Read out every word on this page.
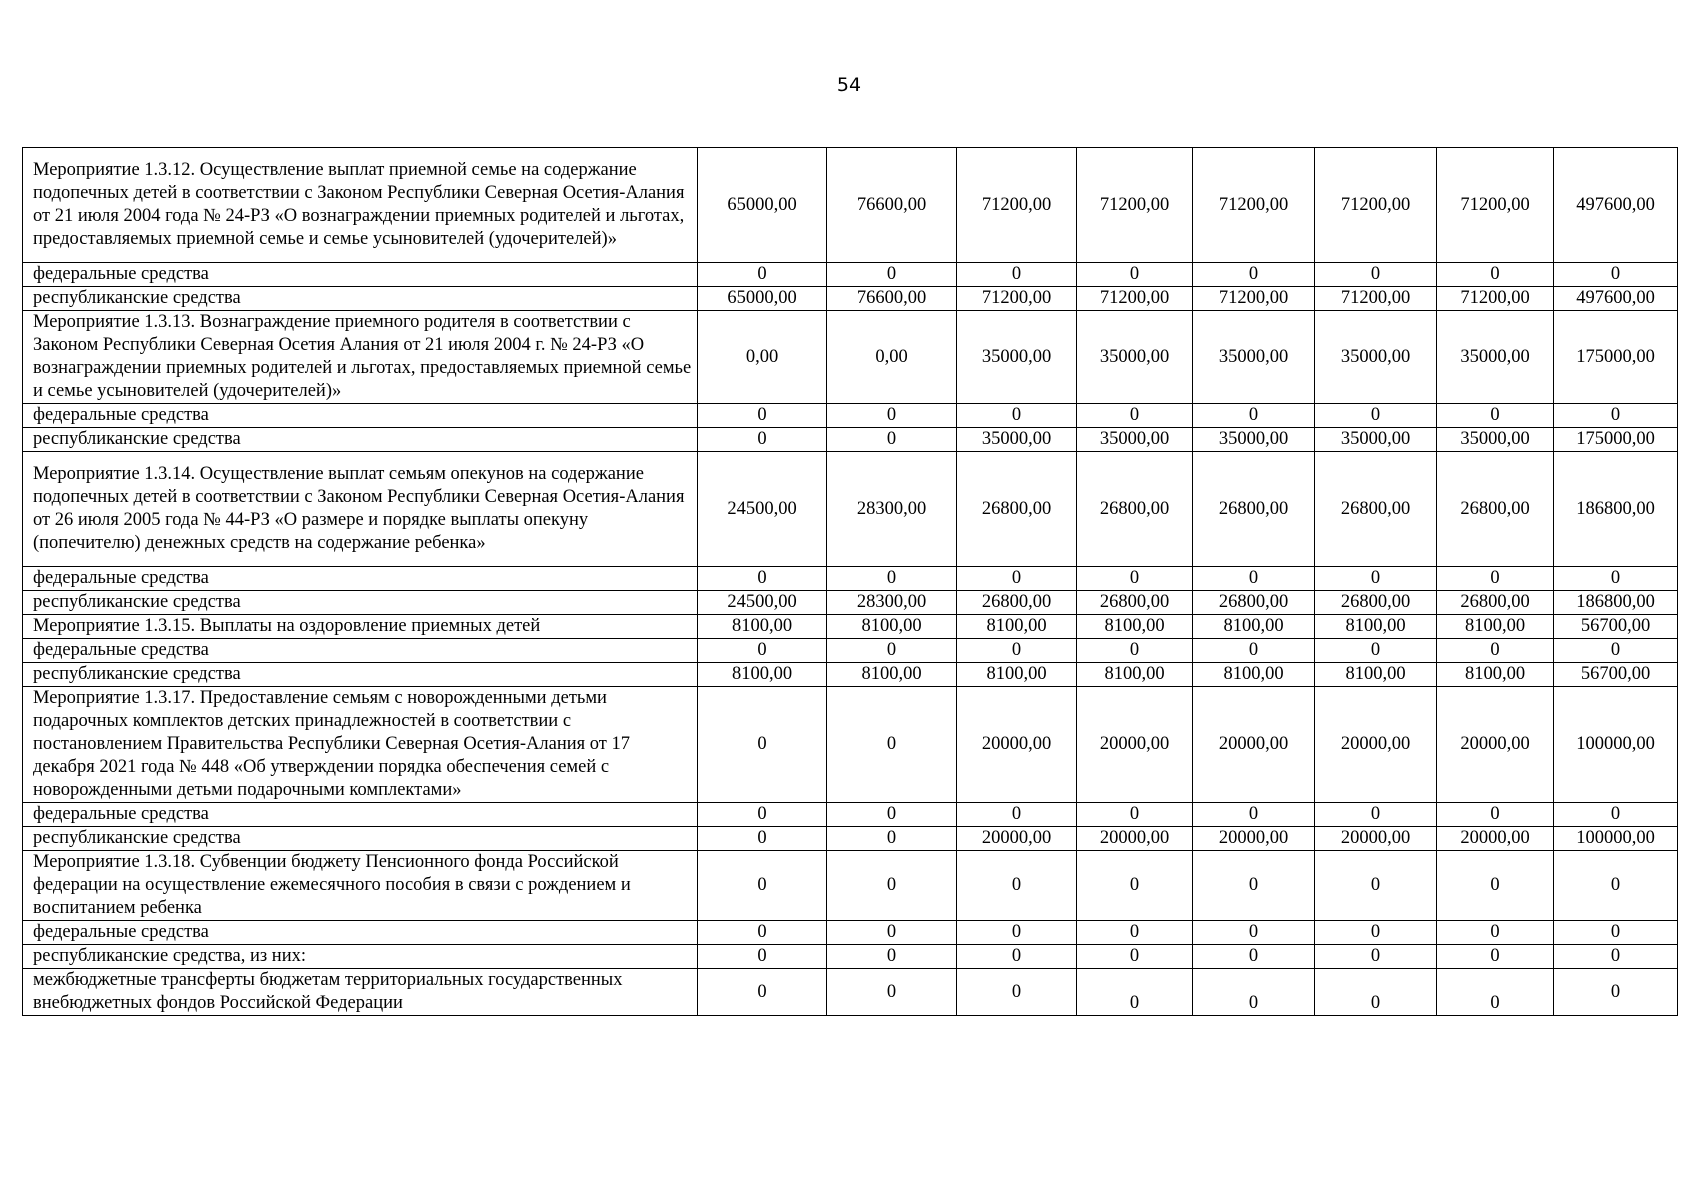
54
Мероприятие 1.3.12. Осуществление выплат приемной семье на содержание подопечных детей в соответствии с Законом Республики Северная Осетия-Алания от 21 июля 2004 года № 24-РЗ «О вознаграждении приемных родителей и льготах, предоставляемых приемной семье и семье усыновителей (удочерителей)»	65000,00	76600,00	71200,00	71200,00	71200,00	71200,00	71200,00	497600,00
федеральные средства	0	0	0	0	0	0	0	0
республиканские средства	65000,00	76600,00	71200,00	71200,00	71200,00	71200,00	71200,00	497600,00
Мероприятие 1.3.13. Вознаграждение приемного родителя в соответствии с Законом Республики Северная Осетия Алания от 21 июля 2004 г. № 24-РЗ «О вознаграждении приемных родителей и льготах, предоставляемых приемной семье и семье усыновителей (удочерителей)»	0,00	0,00	35000,00	35000,00	35000,00	35000,00	35000,00	175000,00
федеральные средства	0	0	0	0	0	0	0	0
республиканские средства	0	0	35000,00	35000,00	35000,00	35000,00	35000,00	175000,00
Мероприятие 1.3.14. Осуществление выплат семьям опекунов на содержание подопечных детей в соответствии с Законом Республики Северная Осетия-Алания от 26 июля 2005 года № 44-РЗ «О размере и порядке выплаты опекуну (попечителю) денежных средств на содержание ребенка»	24500,00	28300,00	26800,00	26800,00	26800,00	26800,00	26800,00	186800,00
федеральные средства	0	0	0	0	0	0	0	0
республиканские средства	24500,00	28300,00	26800,00	26800,00	26800,00	26800,00	26800,00	186800,00
Мероприятие 1.3.15. Выплаты на оздоровление приемных детей	8100,00	8100,00	8100,00	8100,00	8100,00	8100,00	8100,00	56700,00
федеральные средства	0	0	0	0	0	0	0	0
республиканские средства	8100,00	8100,00	8100,00	8100,00	8100,00	8100,00	8100,00	56700,00
Мероприятие 1.3.17. Предоставление семьям с новорожденными детьми подарочных комплектов детских принадлежностей в соответствии с постановлением Правительства Республики Северная Осетия-Алания от 17 декабря 2021 года № 448 «Об утверждении порядка обеспечения семей с новорожденными детьми подарочными комплектами»	0	0	20000,00	20000,00	20000,00	20000,00	20000,00	100000,00
федеральные средства	0	0	0	0	0	0	0	0
республиканские средства	0	0	20000,00	20000,00	20000,00	20000,00	20000,00	100000,00
Мероприятие 1.3.18. Субвенции бюджету Пенсионного фонда Российской федерации на осуществление ежемесячного пособия в связи с рождением и воспитанием ребенка	0	0	0	0	0	0	0	0
федеральные средства	0	0	0	0	0	0	0	0
республиканские средства, из них:	0	0	0	0	0	0	0	0
межбюджетные трансферты бюджетам территориальных государственных внебюджетных фондов Российской Федерации	0	0	0	0	0	0	0	0
